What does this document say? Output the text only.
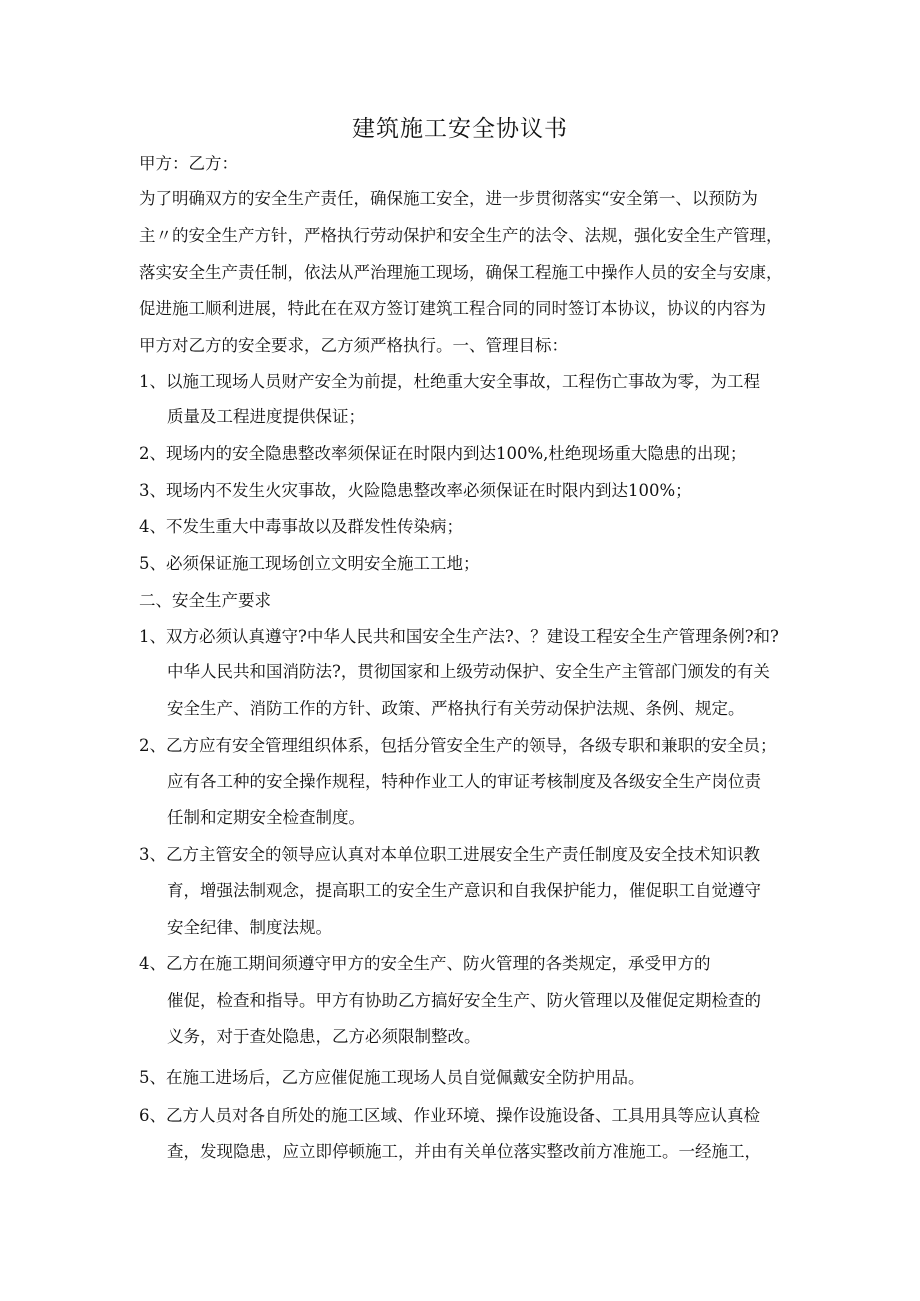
建筑施工安全协议书
甲方：乙方：
为了明确双方的安全生产责任，确保施工安全，进一步贯彻落实“安全第一、以预防为
主〃的安全生产方针，严格执行劳动保护和安全生产的法令、法规，强化安全生产管理，
落实安全生产责任制，依法从严治理施工现场，确保工程施工中操作人员的安全与安康，
促进施工顺利进展，特此在在双方签订建筑工程合同的同时签订本协议，协议的内容为
甲方对乙方的安全要求，乙方须严格执行。一、管理目标：
1、以施工现场人员财产安全为前提，杜绝重大安全事故，工程伤亡事故为零，为工程
质量及工程进度提供保证；
2、现场内的安全隐患整改率须保证在时限内到达100%,杜绝现场重大隐患的出现；
3、现场内不发生火灾事故，火险隐患整改率必须保证在时限内到达100%；
4、不发生重大中毒事故以及群发性传染病；
5、必须保证施工现场创立文明安全施工工地；
二、安全生产要求
1、双方必须认真遵守?中华人民共和国安全生产法?、？建设工程安全生产管理条例?和?
中华人民共和国消防法?，贯彻国家和上级劳动保护、安全生产主管部门颁发的有关
安全生产、消防工作的方针、政策、严格执行有关劳动保护法规、条例、规定。
2、乙方应有安全管理组织体系，包括分管安全生产的领导，各级专职和兼职的安全员；
应有各工种的安全操作规程，特种作业工人的审证考核制度及各级安全生产岗位责
任制和定期安全检查制度。
3、乙方主管安全的领导应认真对本单位职工进展安全生产责任制度及安全技术知识教
育，增强法制观念，提高职工的安全生产意识和自我保护能力，催促职工自觉遵守
安全纪律、制度法规。
4、乙方在施工期间须遵守甲方的安全生产、防火管理的各类规定，承受甲方的
催促，检查和指导。甲方有协助乙方搞好安全生产、防火管理以及催促定期检查的
义务，对于查处隐患，乙方必须限制整改。
5、在施工进场后，乙方应催促施工现场人员自觉佩戴安全防护用品。
6、乙方人员对各自所处的施工区域、作业环境、操作设施设备、工具用具等应认真检
查，发现隐患，应立即停顿施工，并由有关单位落实整改前方准施工。一经施工，
